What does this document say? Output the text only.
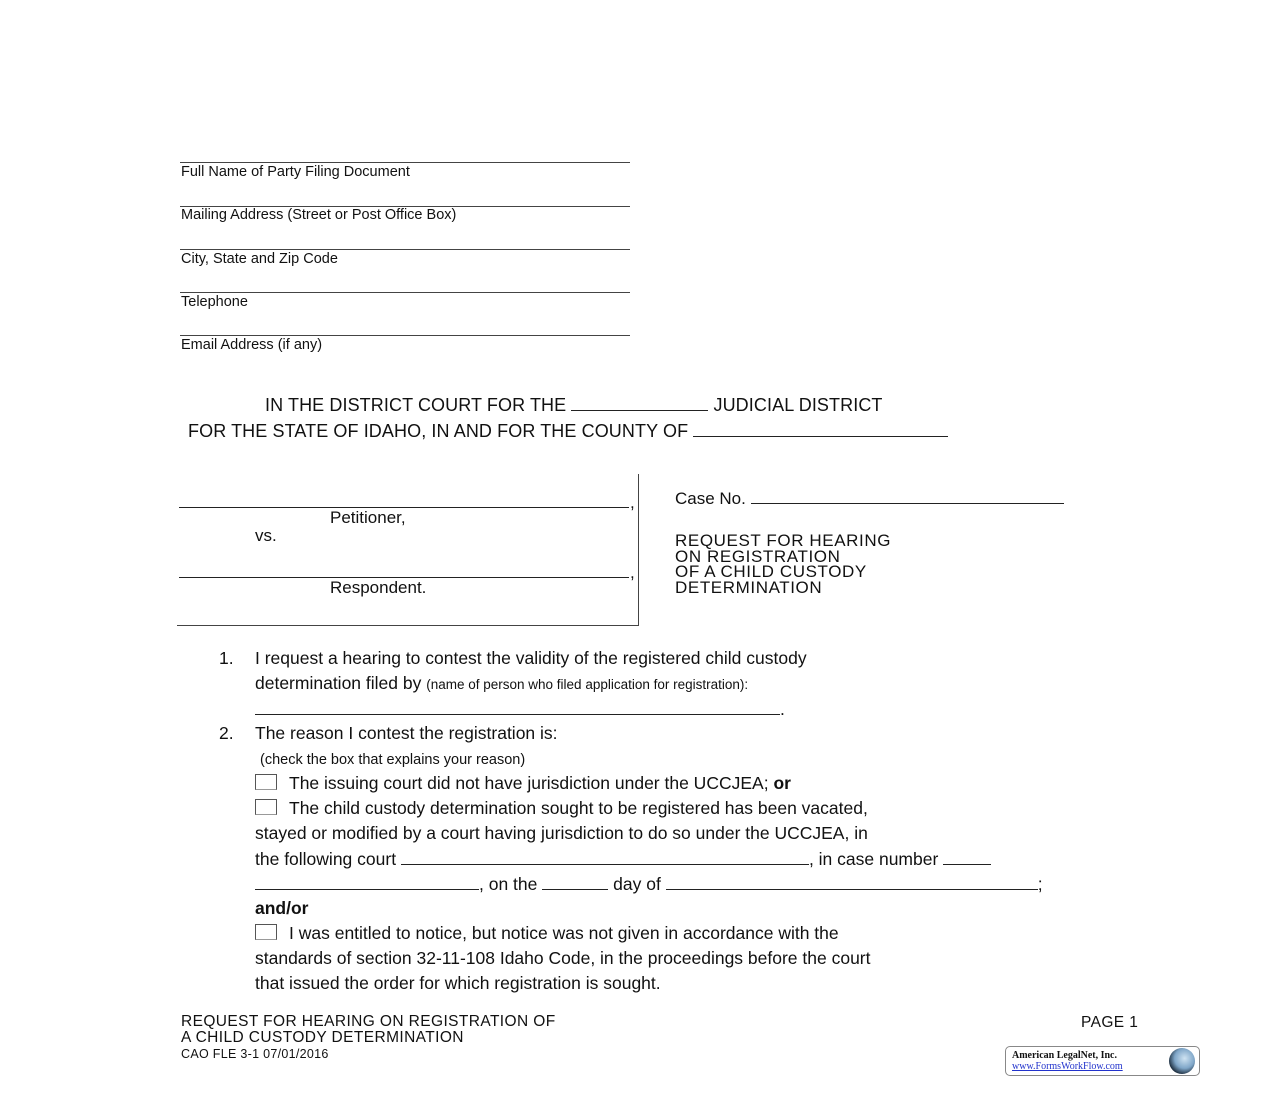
Full Name of Party Filing Document
Mailing Address (Street or Post Office Box)
City, State and Zip Code
Telephone
Email Address (if any)
IN THE DISTRICT COURT FOR THE	JUDICIAL DISTRICT
FOR THE STATE OF IDAHO, IN AND FOR THE COUNTY OF
,
Petitioner,
vs.
,
Respondent.
Case No.
REQUEST FOR HEARING
ON REGISTRATION
OF A CHILD CUSTODY
DETERMINATION
1. I request a hearing to contest the validity of the registered child custody
determination filed by (name of person who filed application for registration):
.
2. The reason I contest the registration is:
(check the box that explains your reason)
The issuing court did not have jurisdiction under the UCCJEA; or
The child custody determination sought to be registered has been vacated,
stayed or modified by a court having jurisdiction to do so under the UCCJEA, in
the following court	, in case number
, on the	day of	;
and/or
I was entitled to notice, but notice was not given in accordance with the
standards of section 32-11-108 Idaho Code, in the proceedings before the court
that issued the order for which registration is sought.
REQUEST FOR HEARING ON REGISTRATION OF
A CHILD CUSTODY DETERMINATION
CAO FLE 3-1 07/01/2016
PAGE 1
American LegalNet, Inc.
www.FormsWorkFlow.com
